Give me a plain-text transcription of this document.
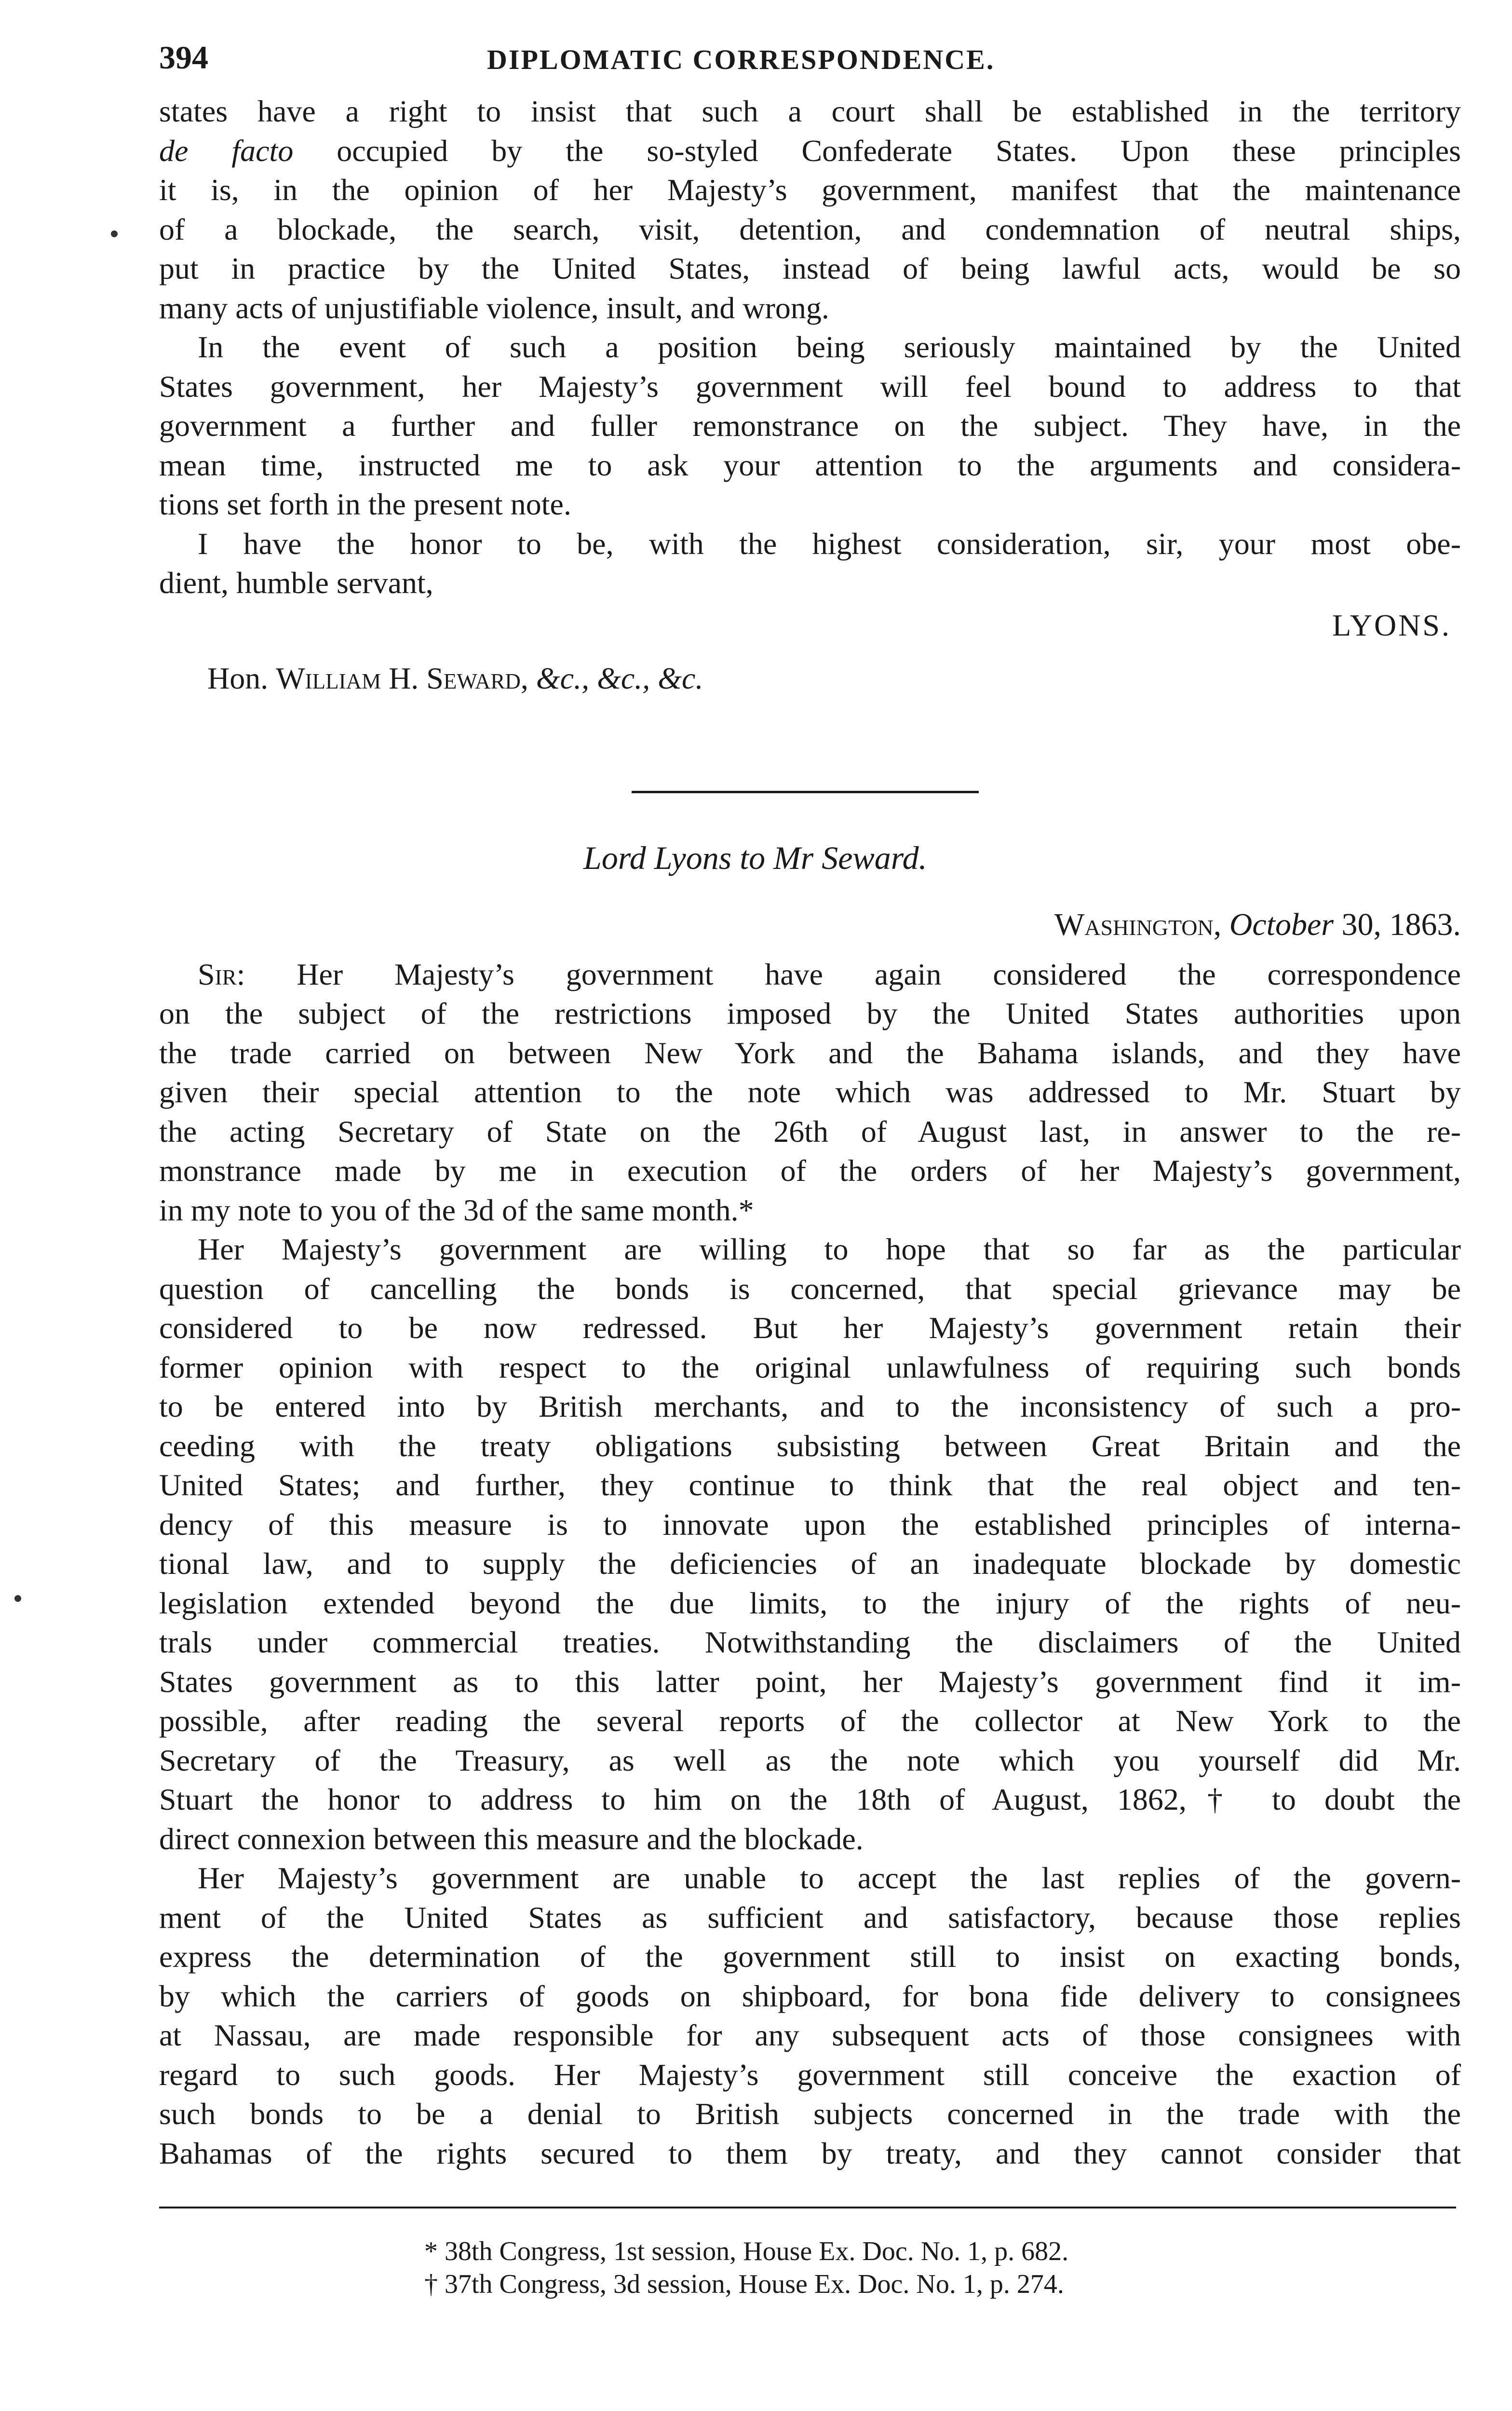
394	DIPLOMATIC CORRESPONDENCE.

states have a right to insist that such a court shall be established in the territory
de facto occupied by the so-styled Confederate States. Upon these principles
it is, in the opinion of her Majesty’s government, manifest that the maintenance
of a blockade, the search, visit, detention, and condemnation of neutral ships,
put in practice by the United States, instead of being lawful acts, would be so
many acts of unjustifiable violence, insult, and wrong.

In the event of such a position being seriously maintained by the United
States government, her Majesty’s government will feel bound to address to that
government a further and fuller remonstrance on the subject. They have, in the
mean time, instructed me to ask your attention to the arguments and considera-
tions set forth in the present note.

I have the honor to be, with the highest consideration, sir, your most obe-
dient, humble servant,

LYONS.
Hon. William H. Seward, &c., &c., &c.
Lord Lyons to Mr Seward.
Washington, October 30, 1863.

Sir: Her Majesty’s government have again considered the correspondence
on the subject of the restrictions imposed by the United States authorities upon
the trade carried on between New York and the Bahama islands, and they have
given their special attention to the note which was addressed to Mr. Stuart by
the acting Secretary of State on the 26th of August last, in answer to the re-
monstrance made by me in execution of the orders of her Majesty’s government,
in my note to you of the 3d of the same month.*

Her Majesty’s government are willing to hope that so far as the particular
question of cancelling the bonds is concerned, that special grievance may be
considered to be now redressed. But her Majesty’s government retain their
former opinion with respect to the original unlawfulness of requiring such bonds
to be entered into by British merchants, and to the inconsistency of such a pro-
ceeding with the treaty obligations subsisting between Great Britain and the
United States; and further, they continue to think that the real object and ten-
dency of this measure is to innovate upon the established principles of interna-
tional law, and to supply the deficiencies of an inadequate blockade by domestic
legislation extended beyond the due limits, to the injury of the rights of neu-
trals under commercial treaties. Notwithstanding the disclaimers of the United
States government as to this latter point, her Majesty’s government find it im-
possible, after reading the several reports of the collector at New York to the
Secretary of the Treasury, as well as the note which you yourself did Mr.
Stuart the honor to address to him on the 18th of August, 1862,† to doubt the
direct connexion between this measure and the blockade.

Her Majesty’s government are unable to accept the last replies of the govern-
ment of the United States as sufficient and satisfactory, because those replies
express the determination of the government still to insist on exacting bonds,
by which the carriers of goods on shipboard, for bona fide delivery to consignees
at Nassau, are made responsible for any subsequent acts of those consignees with
regard to such goods. Her Majesty’s government still conceive the exaction of
such bonds to be a denial to British subjects concerned in the trade with the
Bahamas of the rights secured to them by treaty, and they cannot consider that

* 38th Congress, 1st session, House Ex. Doc. No. 1, p. 682.
† 37th Congress, 3d session, House Ex. Doc. No. 1, p. 274.
